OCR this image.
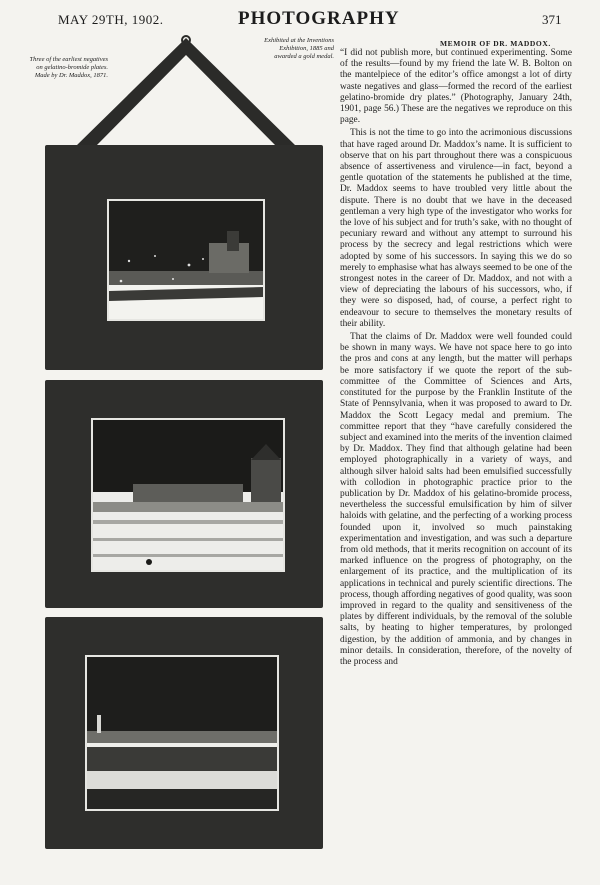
MAY 29TH, 1902.	PHOTOGRAPHY	371
Three of the earliest negatives on gelatino-bromide plates. Made by Dr. Maddox, 1871.
Exhibited at the Inventions Exhibition, 1885 and awarded a gold medal.
MEMOIR OF DR. MADDOX.

“I did not publish more, but continued experimenting. Some of the results—found by my friend the late W. B. Bolton on the mantelpiece of the editor’s office amongst a lot of dirty waste negatives and glass—formed the record of the earliest gelatino-bromide dry plates.” (Photography, January 24th, 1901, page 56.) These are the negatives we reproduce on this page.

This is not the time to go into the acrimonious discussions that have raged around Dr. Maddox’s name. It is sufficient to observe that on his part throughout there was a conspicuous absence of assertiveness and virulence—in fact, beyond a gentle quotation of the statements he published at the time, Dr. Maddox seems to have troubled very little about the dispute. There is no doubt that we have in the deceased gentleman a very high type of the investigator who works for the love of his subject and for truth’s sake, with no thought of pecuniary reward and without any attempt to surround his process by the secrecy and legal restrictions which were adopted by some of his successors. In saying this we do so merely to emphasise what has always seemed to be one of the strongest notes in the career of Dr. Maddox, and not with a view of depreciating the labours of his successors, who, if they were so disposed, had, of course, a perfect right to endeavour to secure to themselves the monetary results of their ability.

That the claims of Dr. Maddox were well founded could be shown in many ways. We have not space here to go into the pros and cons at any length, but the matter will perhaps be more satisfactory if we quote the report of the sub-committee of the Committee of Sciences and Arts, constituted for the purpose by the Franklin Institute of the State of Pennsylvania, when it was proposed to award to Dr. Maddox the Scott Legacy medal and premium. The committee report that they “have carefully considered the subject and examined into the merits of the invention claimed by Dr. Maddox. They find that although gelatine had been employed photographically in a variety of ways, and although silver haloid salts had been emulsified successfully with collodion in photographic practice prior to the publication by Dr. Maddox of his gelatino-bromide process, nevertheless the successful emulsification by him of silver haloids with gelatine, and the perfecting of a working process founded upon it, involved so much painstaking experimentation and investigation, and was such a departure from old methods, that it merits recognition on account of its marked influence on the progress of photography, on the enlargement of its practice, and the multiplication of its applications in technical and purely scientific directions. The process, though affording negatives of good quality, was soon improved in regard to the quality and sensitiveness of the plates by different individuals, by the removal of the soluble salts, by heating to higher temperatures, by prolonged digestion, by the addition of ammonia, and by changes in minor details. In consideration, therefore, of the novelty of the process and
